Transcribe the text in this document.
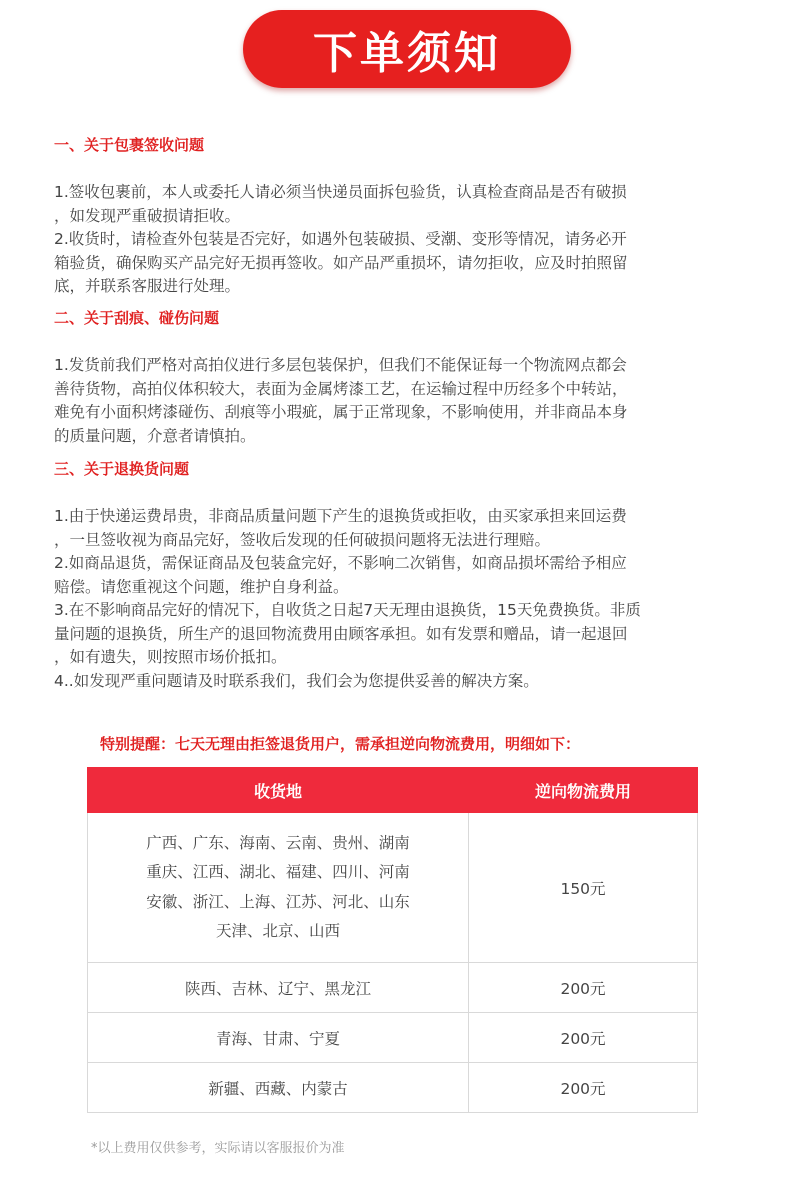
下单须知

一、关于包裹签收问题

1.签收包裹前，本人或委托人请必须当快递员面拆包验货，认真检查商品是否有破损

，如发现严重破损请拒收。

2.收货时，请检查外包装是否完好，如遇外包装破损、受潮、变形等情况，请务必开

箱验货，确保购买产品完好无损再签收。如产品严重损坏，请勿拒收，应及时拍照留

底，并联系客服进行处理。

二、关于刮痕、碰伤问题

1.发货前我们严格对高拍仪进行多层包装保护，但我们不能保证每一个物流网点都会

善待货物，高拍仪体积较大，表面为金属烤漆工艺，在运输过程中历经多个中转站，

难免有小面积烤漆碰伤、刮痕等小瑕疵，属于正常现象，不影响使用，并非商品本身

的质量问题，介意者请慎拍。

三、关于退换货问题

1.由于快递运费昂贵，非商品质量问题下产生的退换货或拒收，由买家承担来回运费

，一旦签收视为商品完好，签收后发现的任何破损问题将无法进行理赔。

2.如商品退货，需保证商品及包装盒完好，不影响二次销售，如商品损坏需给予相应

赔偿。请您重视这个问题，维护自身利益。

3.在不影响商品完好的情况下，自收货之日起7天无理由退换货，15天免费换货。非质

量问题的退换货，所生产的退回物流费用由顾客承担。如有发票和赠品，请一起退回

，如有遗失，则按照市场价抵扣。

4..如发现严重问题请及时联系我们，我们会为您提供妥善的解决方案。

特别提醒：七天无理由拒签退货用户，需承担逆向物流费用，明细如下：
收货地	逆向物流费用

广西、广东、海南、云南、贵州、湖南
重庆、江西、湖北、福建、四川、河南
安徽、浙江、上海、江苏、河北、山东
天津、北京、山西	150元

陕西、吉林、辽宁、黑龙江	200元

青海、甘肃、宁夏	200元

新疆、西藏、内蒙古	200元
*以上费用仅供参考，实际请以客服报价为准
